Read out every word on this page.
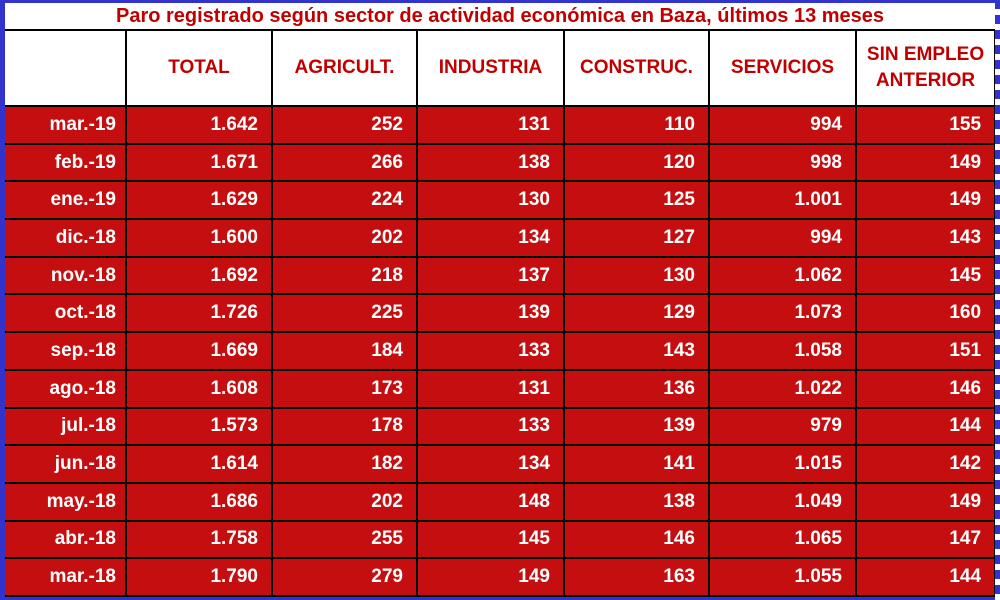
Paro registrado según sector de actividad económica en Baza, últimos 13 meses						
	TOTAL	AGRICULT.	INDUSTRIA	CONSTRUC.	SERVICIOS	SIN EMPLEO ANTERIOR
mar.-19	1.642	252	131	110	994	155
feb.-19	1.671	266	138	120	998	149
ene.-19	1.629	224	130	125	1.001	149
dic.-18	1.600	202	134	127	994	143
nov.-18	1.692	218	137	130	1.062	145
oct.-18	1.726	225	139	129	1.073	160
sep.-18	1.669	184	133	143	1.058	151
ago.-18	1.608	173	131	136	1.022	146
jul.-18	1.573	178	133	139	979	144
jun.-18	1.614	182	134	141	1.015	142
may.-18	1.686	202	148	138	1.049	149
abr.-18	1.758	255	145	146	1.065	147
mar.-18	1.790	279	149	163	1.055	144
